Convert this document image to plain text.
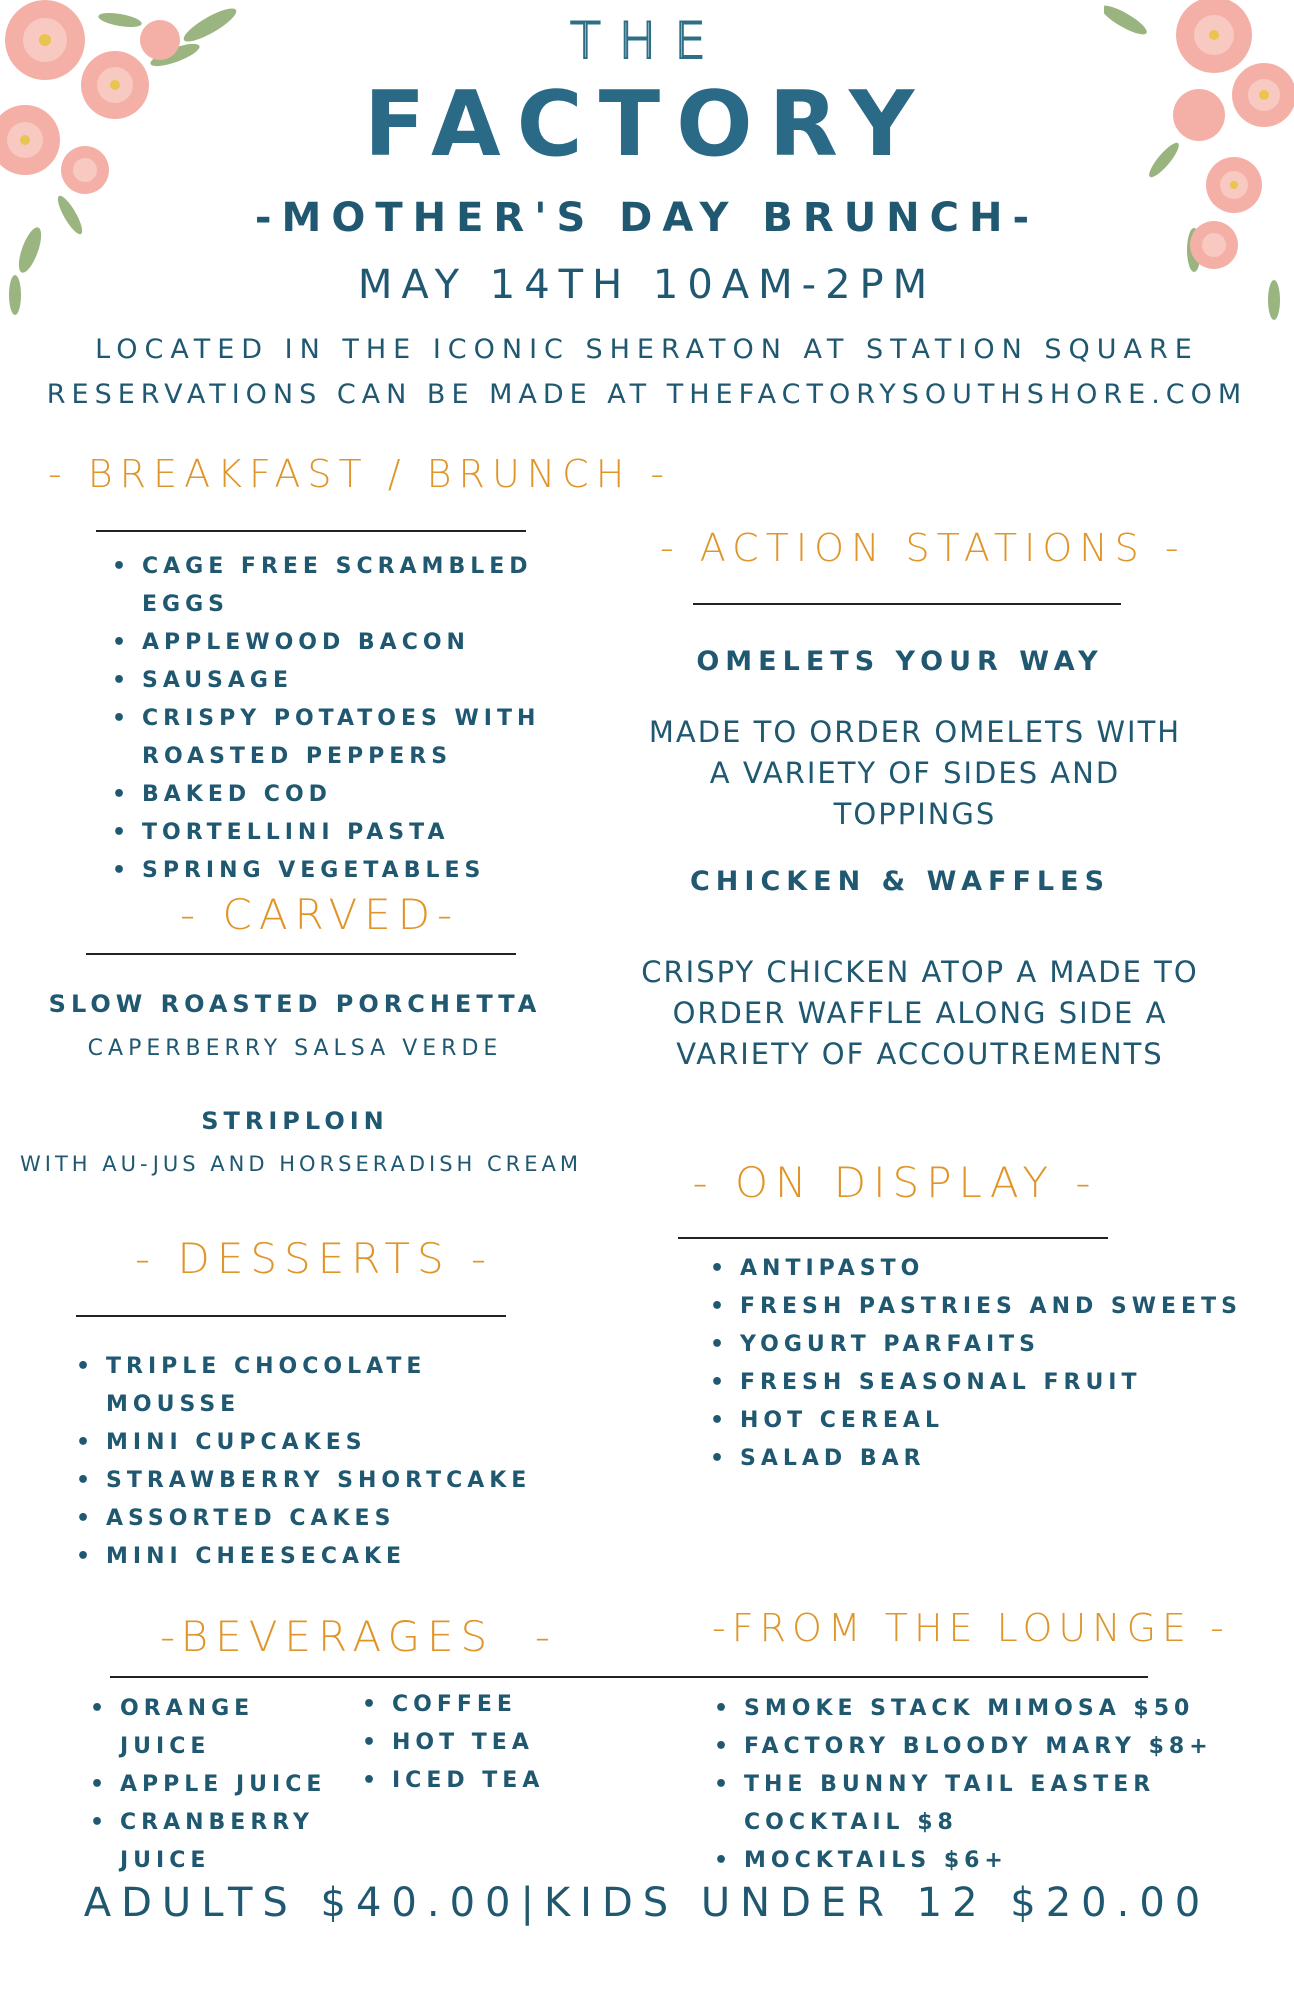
THE
FACTORY
-MOTHER'S DAY BRUNCH-
MAY 14TH 10AM-2PM
LOCATED IN THE ICONIC SHERATON AT STATION SQUARE
RESERVATIONS CAN BE MADE AT THEFACTORYSOUTHSHORE.COM
- BREAKFAST / BRUNCH -
• CAGE FREE SCRAMBLED EGGS
• APPLEWOOD BACON
• SAUSAGE
• CRISPY POTATOES WITH ROASTED PEPPERS
• BAKED COD
• TORTELLINI PASTA
• SPRING VEGETABLES
- CARVED-
SLOW ROASTED PORCHETTA
CAPERBERRY SALSA VERDE
STRIPLOIN
WITH AU-JUS AND HORSERADISH CREAM
- DESSERTS -
• TRIPLE CHOCOLATE MOUSSE
• MINI CUPCAKES
• STRAWBERRY SHORTCAKE
• ASSORTED CAKES
• MINI CHEESECAKE
- ACTION STATIONS -
OMELETS YOUR WAY
MADE TO ORDER OMELETS WITH A VARIETY OF SIDES AND TOPPINGS
CHICKEN & WAFFLES
CRISPY CHICKEN ATOP A MADE TO ORDER WAFFLE ALONG SIDE A VARIETY OF ACCOUTREMENTS
- ON DISPLAY -
• ANTIPASTO
• FRESH PASTRIES AND SWEETS
• YOGURT PARFAITS
• FRESH SEASONAL FRUIT
• HOT CEREAL
• SALAD BAR
-BEVERAGES  -	-FROM THE LOUNGE -
• ORANGE JUICE
• APPLE JUICE
• CRANBERRY JUICE
• COFFEE
• HOT TEA
• ICED TEA
• SMOKE STACK MIMOSA $50
• FACTORY BLOODY MARY $8+
• THE BUNNY TAIL EASTER COCKTAIL $8
• MOCKTAILS $6+
ADULTS $40.00|KIDS UNDER 12 $20.00
